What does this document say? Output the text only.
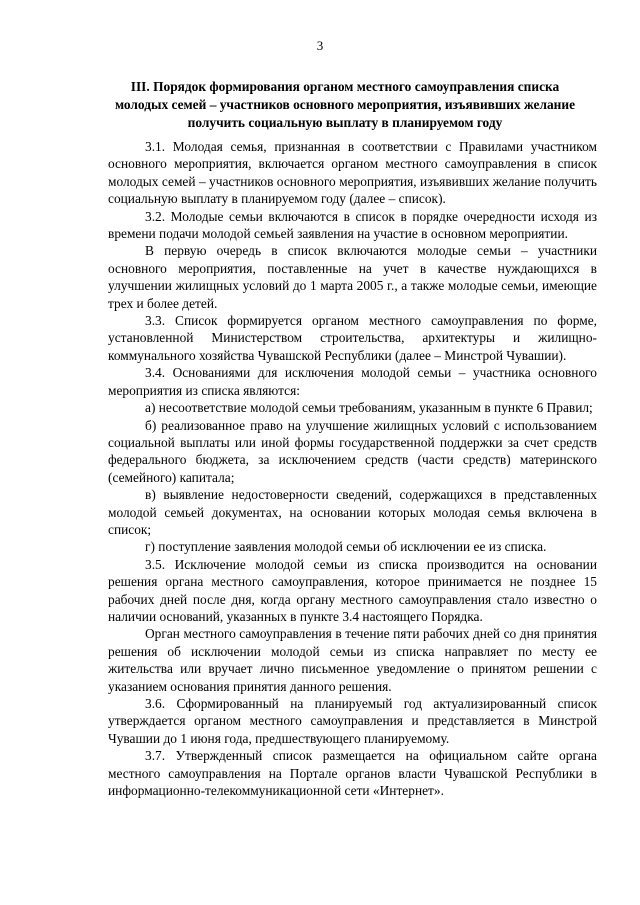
3
III. Порядок формирования органом местного самоуправления списка молодых семей – участников основного мероприятия, изъявивших желание получить социальную выплату в планируемом году

3.1. Молодая семья, признанная в соответствии с Правилами участником основного мероприятия, включается органом местного самоуправления в список молодых семей – участников основного мероприятия, изъявивших желание получить социальную выплату в планируемом году (далее – список).

3.2. Молодые семьи включаются в список в порядке очередности исходя из времени подачи молодой семьей заявления на участие в основном мероприятии.

В первую очередь в список включаются молодые семьи – участники основного мероприятия, поставленные на учет в качестве нуждающихся в улучшении жилищных условий до 1 марта 2005 г., а также молодые семьи, имеющие трех и более детей.

3.3. Список формируется органом местного самоуправления по форме, установленной Министерством строительства, архитектуры и жилищно-коммунального хозяйства Чувашской Республики (далее – Минстрой Чувашии).

3.4. Основаниями для исключения молодой семьи – участника основного мероприятия из списка являются:

а) несоответствие молодой семьи требованиям, указанным в пункте 6 Правил;

б) реализованное право на улучшение жилищных условий с использованием социальной выплаты или иной формы государственной поддержки за счет средств федерального бюджета, за исключением средств (части средств) материнского (семейного) капитала;

в) выявление недостоверности сведений, содержащихся в представленных молодой семьей документах, на основании которых молодая семья включена в список;

г) поступление заявления молодой семьи об исключении ее из списка.

3.5. Исключение молодой семьи из списка производится на основании решения органа местного самоуправления, которое принимается не позднее 15 рабочих дней после дня, когда органу местного самоуправления стало известно о наличии оснований, указанных в пункте 3.4 настоящего Порядка.

Орган местного самоуправления в течение пяти рабочих дней со дня принятия решения об исключении молодой семьи из списка направляет по месту ее жительства или вручает лично письменное уведомление о принятом решении с указанием основания принятия данного решения.

3.6. Сформированный на планируемый год актуализированный список утверждается органом местного самоуправления и представляется в Минстрой Чувашии до 1 июня года, предшествующего планируемому.

3.7. Утвержденный список размещается на официальном сайте органа местного самоуправления на Портале органов власти Чувашской Республики в информационно-телекоммуникационной сети «Интернет».
